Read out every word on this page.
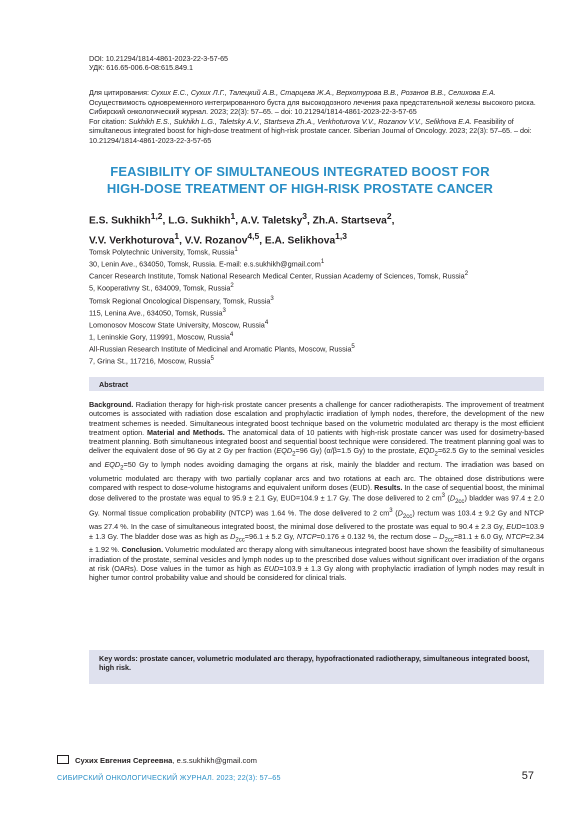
DOI: 10.21294/1814-4861-2023-22-3-57-65

УДК: 616.65-006.6-08:615.849.1

Для цитирования: Сухих Е.С., Сухих Л.Г., Талецкий А.В., Старцева Ж.А., Верхотурова В.В., Розанов В.В., Селихова Е.А. Осуществимость одновременного интегрированного буста для высокодозного лечения рака предстательной железы высокого риска. Сибирский онкологический журнал. 2023; 22(3): 57–65. – doi: 10.21294/1814-4861-2023-22-3-57-65

For citation: Sukhikh E.S., Sukhikh L.G., Taletsky A.V., Startseva Zh.A., Verkhoturova V.V., Rozanov V.V., Selikhova E.A. Feasibility of simultaneous integrated boost for high-dose treatment of high-risk prostate cancer. Siberian Journal of Oncology. 2023; 22(3): 57–65. – doi: 10.21294/1814-4861-2023-22-3-57-65

FEASIBILITY OF SIMULTANEOUS INTEGRATED BOOST FOR

HIGH-DOSE TREATMENT OF HIGH-RISK PROSTATE CANCER

E.S. Sukhikh$^{1,2}$, L.G. Sukhikh$^1$, A.V. Taletsky$^3$, Zh.A. Startseva$^2$,

V.V. Verkhoturova$^1$, V.V. Rozanov$^{4,5}$, E.A. Selikhova$^{1,3}$

Tomsk Polytechnic University, Tomsk, Russia$^1$

30, Lenin Ave., 634050, Tomsk, Russia. E-mail: e.s.sukhikh@gmail.com$^1$

Cancer Research Institute, Tomsk National Research Medical Center, Russian Academy of Sciences, Tomsk, Russia$^2$

5, Kooperativny St., 634009, Tomsk, Russia$^2$

Tomsk Regional Oncological Dispensary, Tomsk, Russia$^3$

115, Lenina Ave., 634050, Tomsk, Russia$^3$

Lomonosov Moscow State University, Moscow, Russia$^4$

1, Leninskie Gory, 119991, Moscow, Russia$^4$

All-Russian Research Institute of Medicinal and Aromatic Plants, Moscow, Russia$^5$

7, Grina St., 117216, Moscow, Russia$^5$

Abstract
Background. Radiation therapy for high-risk prostate cancer presents a challenge for cancer radiotherapists. The improvement of treatment outcomes is associated with radiation dose escalation and prophylactic irradiation of lymph nodes, therefore, the development of the new treatment schemes is needed. Simultaneous integrated boost technique based on the volumetric modulated arc therapy is the most efficient treatment option. Material and Methods. The anatomical data of 10 patients with high-risk prostate cancer was used for dosimetry-based treatment planning. Both simultaneous integrated boost and sequential boost technique were considered. The treatment planning goal was to deliver the equivalent dose of 96 Gy at 2 Gy per fraction ($EQD_2=96$ Gy) (α/β=1.5 Gy) to the prostate, $EQD_2=62.5$ Gy to the seminal vesicles and $EQD_2=50$ Gy to lymph nodes avoiding damaging the organs at risk, mainly the bladder and rectum. The irradiation was based on volumetric modulated arc therapy with two partially coplanar arcs and two rotations at each arc. The obtained dose distributions were compared with respect to dose-volume histograms and equivalent uniform doses (EUD). Results. In the case of sequential boost, the minimal dose delivered to the prostate was equal to 95.9 ± 2.1 Gy, EUD=104.9 ± 1.7 Gy. The dose delivered to 2 $cm^3$ $(D_{2cc})$ bladder was 97.4 ± 2.0 Gy. Normal tissue complication probability (NTCP) was 1.64 %. The dose delivered to 2 $cm^3$ $(D_{2cc})$ rectum was 103.4 ± 9.2 Gy and NTCP was 27.4 %. In the case of simultaneous integrated boost, the minimal dose delivered to the prostate was equal to 90.4 ± 2.3 Gy, EUD=103.9 ± 1.3 Gy. The bladder dose was as high as $D_{2cc}=96.1 \pm 5.2$ Gy, NTCP=0.176 ± 0.132 %, the rectum dose – $D_{2cc}=81.1 \pm 6.0$ Gy, NTCP=2.34 ± 1.92 %. Conclusion. Volumetric modulated arc therapy along with simultaneous integrated boost have shown the feasibility of simultaneous irradiation of the prostate, seminal vesicles and lymph nodes up to the prescribed dose values without significant over irradiation of the organs at risk (OARs). Dose values in the tumor as high as EUD=103.9 ± 1.3 Gy along with prophylactic irradiation of lymph nodes may result in higher tumor control probability value and should be considered for clinical trials.
Key words: prostate cancer, volumetric modulated arc therapy, hypofractionated radiotherapy, simultaneous integrated boost, high risk.
Сухих Евгения Сергеевна, e.s.sukhikh@gmail.com
СИБИРСКИЙ ОНКОЛОГИЧЕСКИЙ ЖУРНАЛ. 2023; 22(3): 57–65	57
